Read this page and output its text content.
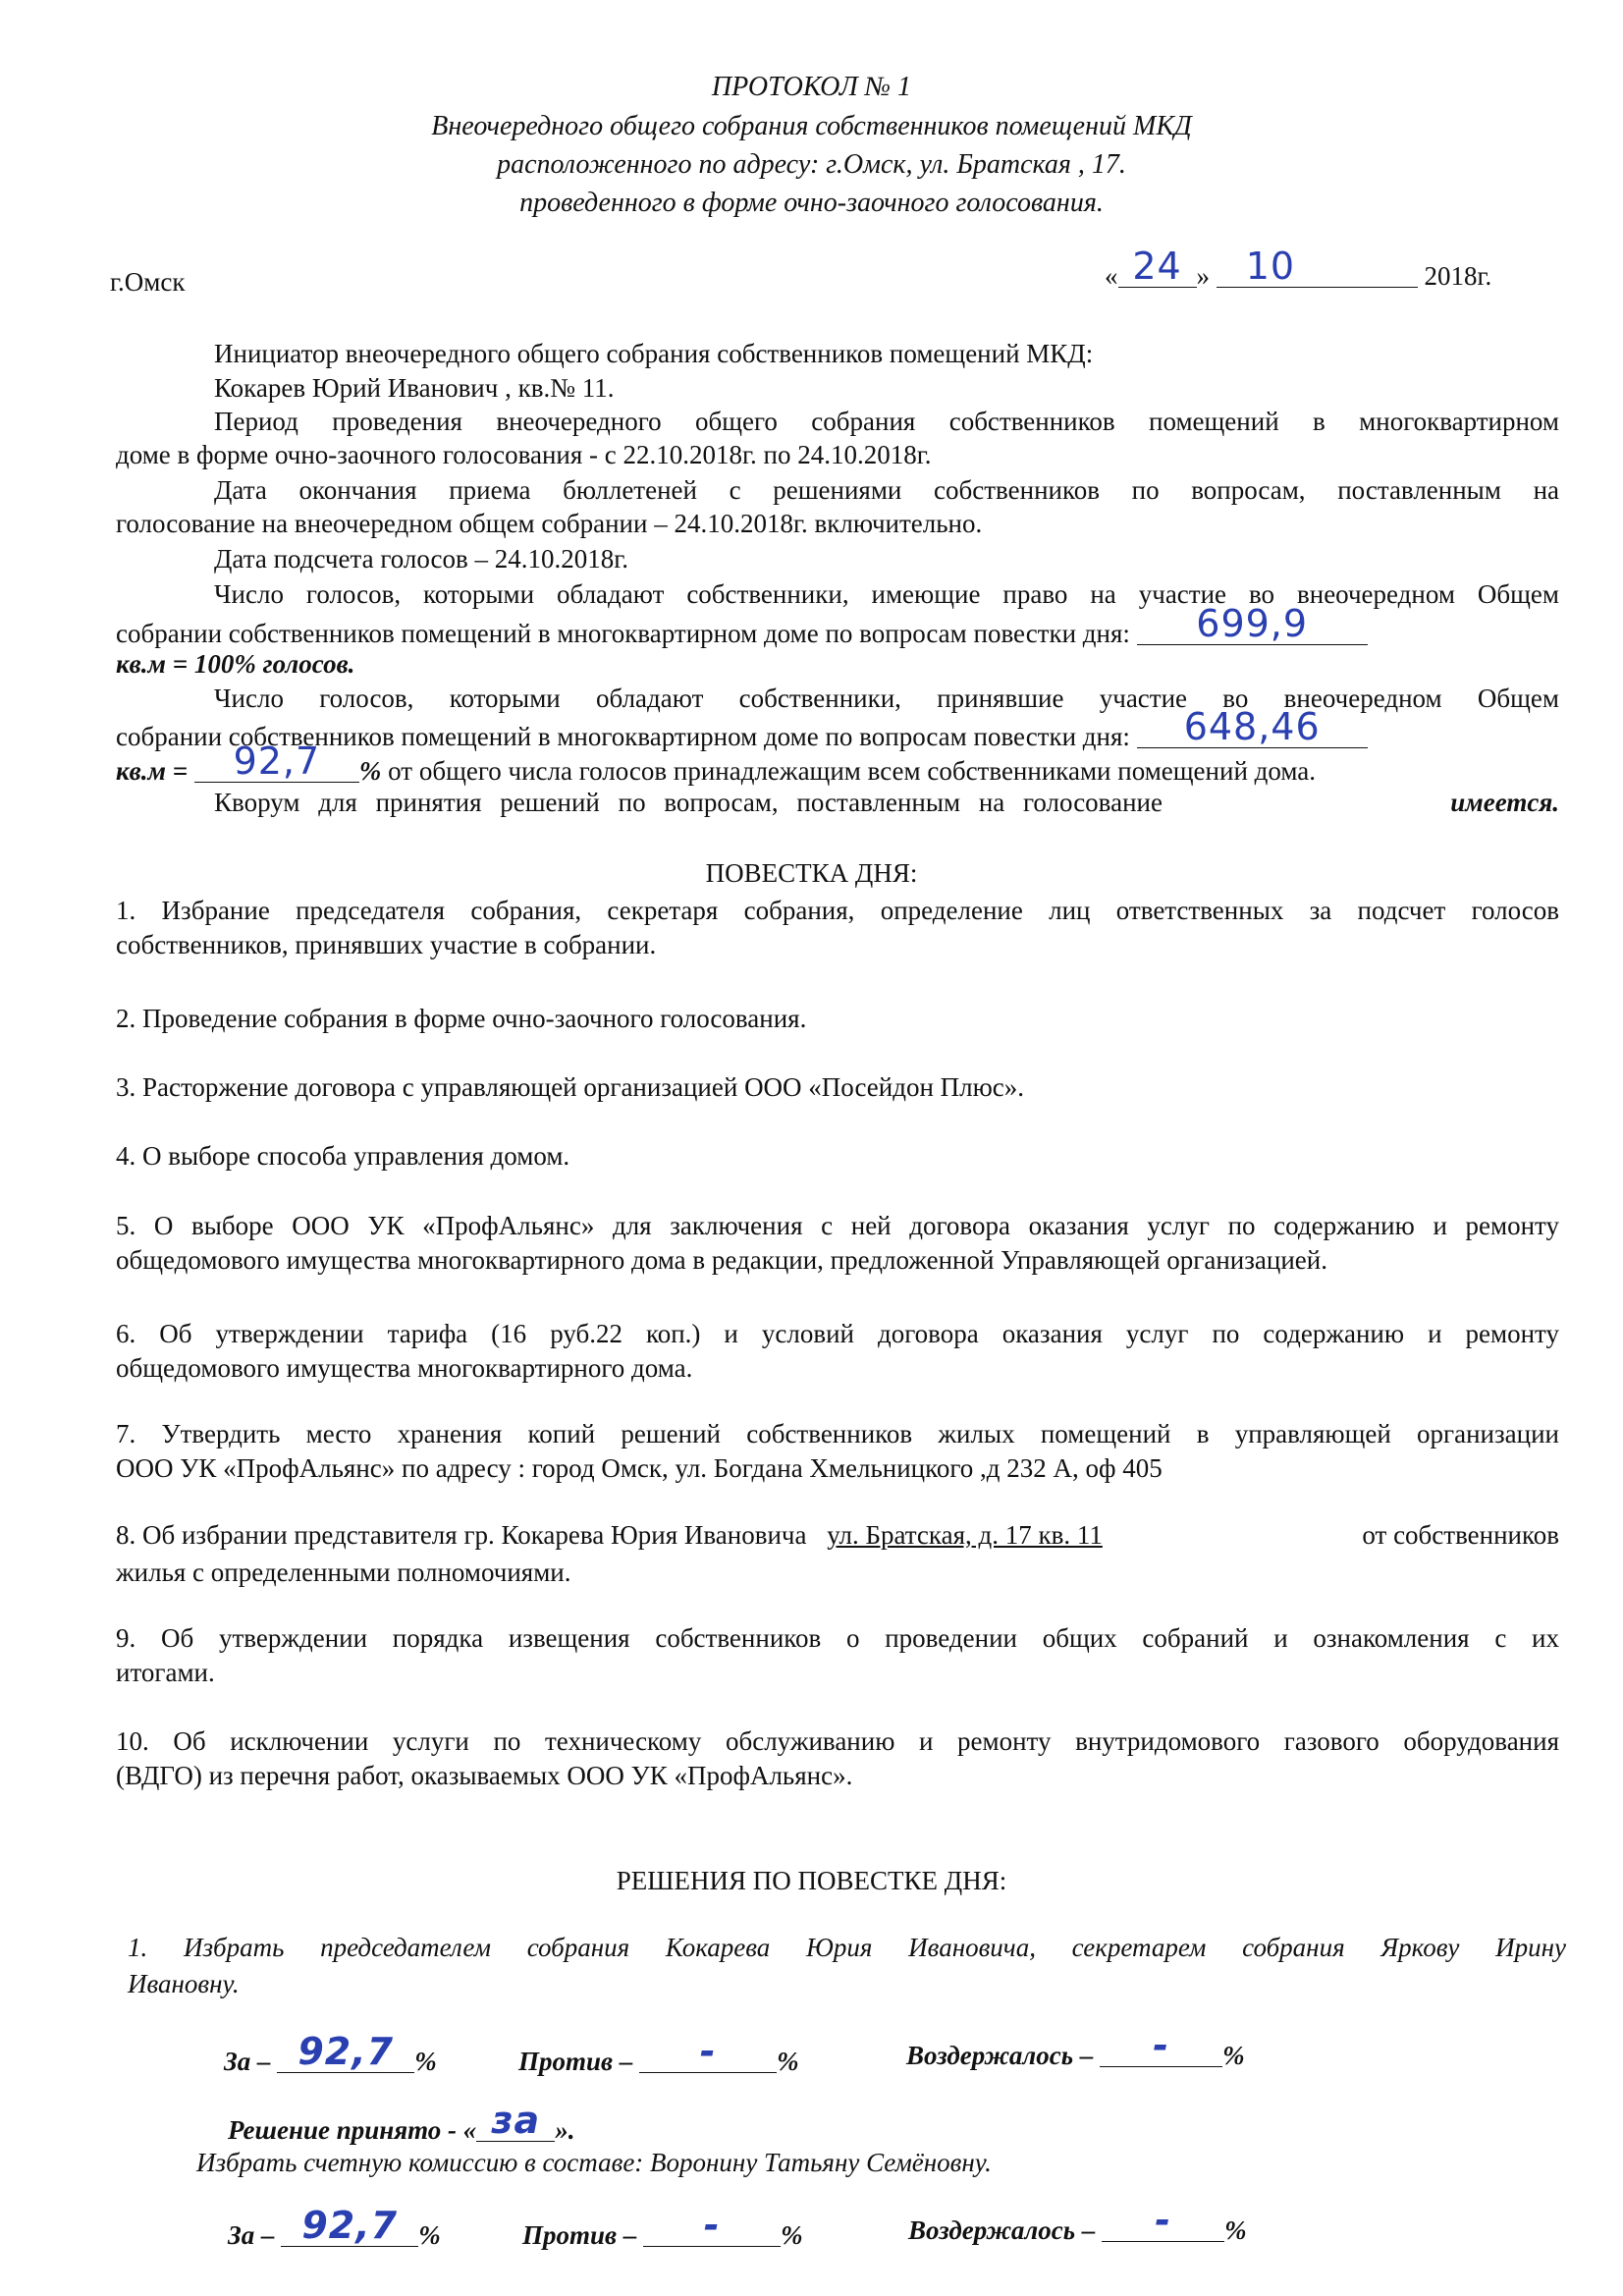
ПРОТОКОЛ № 1
Внеочередного общего собрания собственников помещений МКД
расположенного по адресу: г.Омск, ул. Братская , 17.
проведенного в форме очно-заочного голосования.
г.Омск	« 24 » 10	2018г.
Инициатор внеочередного общего собрания собственников помещений МКД:
Кокарев Юрий Иванович , кв.№ 11.
Период проведения внеочередного общего собрания собственников помещений в многоквартирном
доме в форме очно-заочного голосования - с 22.10.2018г. по 24.10.2018г.
Дата окончания приема бюллетеней с решениями собственников по вопросам, поставленным на
голосование на внеочередном общем собрании – 24.10.2018г. включительно.
Дата подсчета голосов – 24.10.2018г.
Число голосов, которыми обладают собственники, имеющие право на участие во внеочередном Общем
собрании собственников помещений в многоквартирном доме по вопросам повестки дня: 699,9
кв.м = 100% голосов.
Число голосов, которыми обладают собственники, принявшие участие во внеочередном Общем
собрании собственников помещений в многоквартирном доме по вопросам повестки дня: 648,46
кв.м = 92,7 % от общего числа голосов принадлежащим всем собственниками помещений дома.
Кворум для принятия решений по вопросам, поставленным на голосование	имеется.
ПОВЕСТКА ДНЯ:
1. Избрание председателя собрания, секретаря собрания, определение лиц ответственных за подсчет голосов
собственников, принявших участие в собрании.
2. Проведение собрания в форме очно-заочного голосования.
3. Расторжение договора с управляющей организацией ООО «Посейдон Плюс».
4. О выборе способа управления домом.
5. О выборе ООО УК «ПрофАльянс» для заключения с ней договора оказания услуг по содержанию и ремонту
общедомового имущества многоквартирного дома в редакции, предложенной Управляющей организацией.
6. Об утверждении тарифа (16 руб.22 коп.) и условий договора оказания услуг по содержанию и ремонту
общедомового имущества многоквартирного дома.
7. Утвердить место хранения копий решений собственников жилых помещений в управляющей организации
ООО УК «ПрофАльянс» по адресу : город Омск, ул. Богдана Хмельницкого ,д 232 А, оф 405
8. Об избрании представителя гр. Кокарева Юрия Ивановича ул. Братская, д. 17 кв. 11	от собственников
жилья с определенными полномочиями.
9. Об утверждении порядка извещения собственников о проведении общих собраний и ознакомления с их
итогами.
10. Об исключении услуги по техническому обслуживанию и ремонту внутридомового газового оборудования
(ВДГО) из перечня работ, оказываемых ООО УК «ПрофАльянс».
РЕШЕНИЯ ПО ПОВЕСТКЕ ДНЯ:
1. Избрать председателем собрания Кокарева Юрия Ивановича, секретарем собрания Яркову Ирину
Ивановну.
За – 92,7 %	Против – - %	Воздержалось – - %
Решение принято - « за ».
Избрать счетную комиссию в составе: Воронину Татьяну Семёновну.
За – 92,7 %	Против – - %	Воздержалось – - %
